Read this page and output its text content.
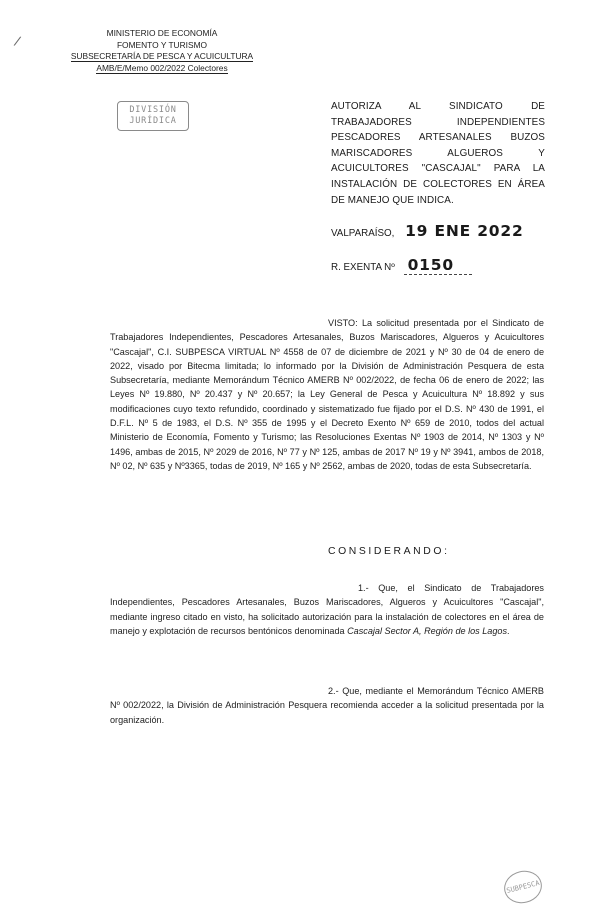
MINISTERIO DE ECONOMÍA
FOMENTO Y TURISMO
SUBSECRETARÍA DE PESCA Y ACUICULTURA
AMB/E/Memo 002/2022 Colectores
/
DIVISIÓN
JURÍDICA
AUTORIZA AL SINDICATO DE TRABAJADORES INDEPENDIENTES PESCADORES ARTESANALES BUZOS MARISCADORES ALGUEROS Y ACUICULTORES "CASCAJAL" PARA LA INSTALACIÓN DE COLECTORES EN ÁREA DE MANEJO QUE INDICA.
VALPARAÍSO, 19 ENE 2022
R. EXENTA Nº 0150
VISTO: La solicitud presentada por el Sindicato de Trabajadores Independientes, Pescadores Artesanales, Buzos Mariscadores, Algueros y Acuicultores "Cascajal", C.I. SUBPESCA VIRTUAL Nº 4558 de 07 de diciembre de 2021 y Nº 30 de 04 de enero de 2022, visado por Bitecma limitada; lo informado por la División de Administración Pesquera de esta Subsecretaría, mediante Memorándum Técnico AMERB Nº 002/2022, de fecha 06 de enero de 2022; las Leyes Nº 19.880, Nº 20.437 y Nº 20.657; la Ley General de Pesca y Acuicultura Nº 18.892 y sus modificaciones cuyo texto refundido, coordinado y sistematizado fue fijado por el D.S. Nº 430 de 1991, el D.F.L. Nº 5 de 1983, el D.S. Nº 355 de 1995 y el Decreto Exento Nº 659 de 2010, todos del actual Ministerio de Economía, Fomento y Turismo; las Resoluciones Exentas Nº 1903 de 2014, Nº 1303 y Nº 1496, ambas de 2015, Nº 2029 de 2016, Nº 77 y Nº 125, ambas de 2017 Nº 19 y Nº 3941, ambos de 2018, Nº 02, Nº 635 y Nº3365, todas de 2019, Nº 165 y Nº 2562, ambas de 2020, todas de esta Subsecretaría.
CONSIDERANDO:
1.- Que, el Sindicato de Trabajadores Independientes, Pescadores Artesanales, Buzos Mariscadores, Algueros y Acuicultores "Cascajal", mediante ingreso citado en visto, ha solicitado autorización para la instalación de colectores en el área de manejo y explotación de recursos bentónicos denominada Cascajal Sector A, Región de los Lagos.
2.- Que, mediante el Memorándum Técnico AMERB Nº 002/2022, la División de Administración Pesquera recomienda acceder a la solicitud presentada por la organización.
SUBPESCA
